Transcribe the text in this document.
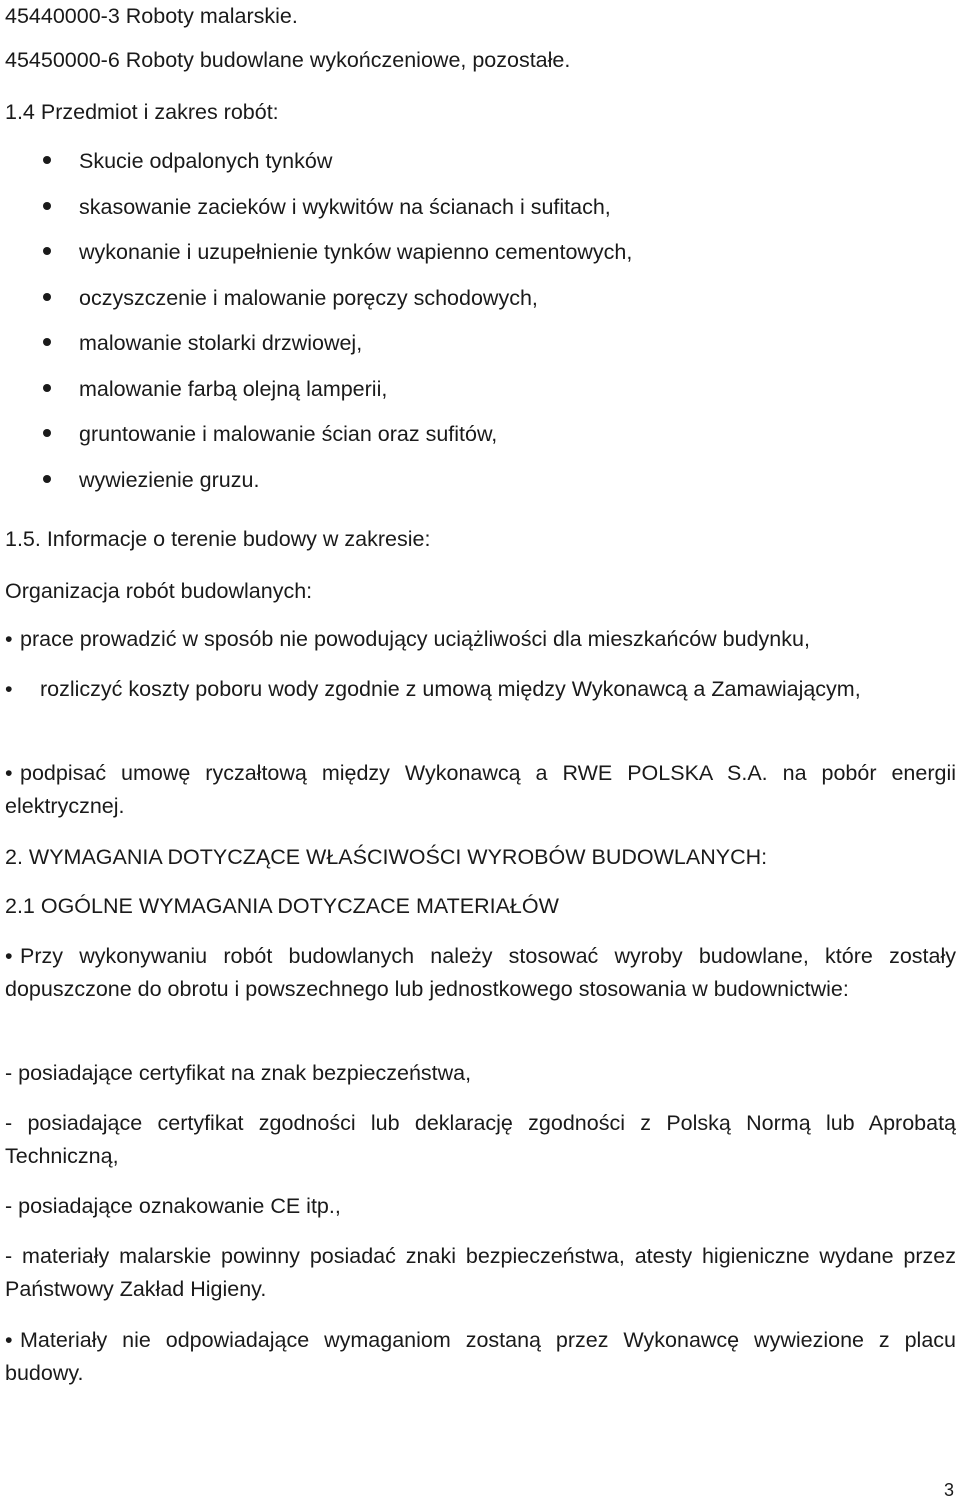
45440000-3 Roboty malarskie.
45450000-6 Roboty budowlane wykończeniowe, pozostałe.
1.4 Przedmiot i zakres robót:
Skucie odpalonych tynków
skasowanie zacieków i wykwitów na ścianach i sufitach,
wykonanie i uzupełnienie tynków wapienno cementowych,
oczyszczenie i malowanie poręczy schodowych,
malowanie stolarki drzwiowej,
malowanie farbą olejną lamperii,
gruntowanie i malowanie ścian oraz sufitów,
wywiezienie gruzu.
1.5. Informacje o terenie budowy w zakresie:
Organizacja robót budowlanych:
• prace prowadzić w sposób nie powodujący uciążliwości dla mieszkańców budynku,
• rozliczyć koszty poboru wody zgodnie z umową między Wykonawcą a Zamawiającym,
• podpisać umowę ryczałtową między Wykonawcą a RWE POLSKA S.A. na pobór energii elektrycznej.
2. WYMAGANIA DOTYCZĄCE WŁAŚCIWOŚCI WYROBÓW BUDOWLANYCH:
2.1 OGÓLNE WYMAGANIA DOTYCZACE MATERIAŁÓW
• Przy wykonywaniu robót budowlanych należy stosować wyroby budowlane, które zostały dopuszczone do obrotu i powszechnego lub jednostkowego stosowania w budownictwie:
- posiadające certyfikat na znak bezpieczeństwa,
- posiadające certyfikat zgodności lub deklarację zgodności z Polską Normą lub Aprobatą Techniczną,
- posiadające oznakowanie CE itp.,
- materiały malarskie powinny posiadać znaki bezpieczeństwa, atesty higieniczne wydane przez Państwowy Zakład Higieny.
• Materiały nie odpowiadające wymaganiom zostaną przez Wykonawcę wywiezione z placu budowy.
3
